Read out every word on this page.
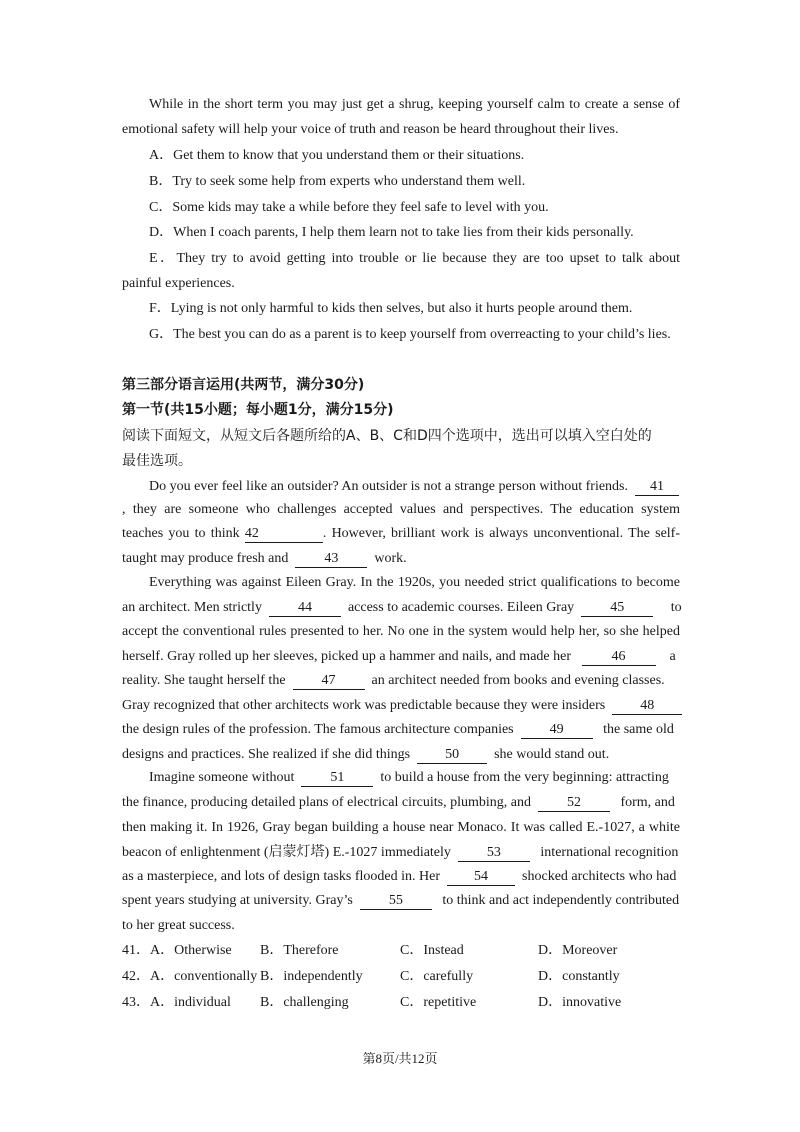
While in the short term you may just get a shrug, keeping yourself calm to create a sense of
emotional safety will help your voice of truth and reason be heard throughout their lives.
A．Get them to know that you understand them or their situations.
B．Try to seek some help from experts who understand them well.
C．Some kids may take a while before they feel safe to level with you.
D．When I coach parents, I help them learn not to take lies from their kids personally.
E．They try to avoid getting into trouble or lie because they are too upset to talk about
painful experiences.
F．Lying is not only harmful to kids then selves, but also it hurts people around them.
G．The best you can do as a parent is to keep yourself from overreacting to your child’s lies.
第三部分语言运用(共两节，满分30分)
第一节(共15小题；每小题1分，满分15分)
阅读下面短文，从短文后各题所给的A、B、C和D四个选项中，选出可以填入空白处的
最佳选项。
Do you ever feel like an outsider? An outsider is not a strange person without friends. 41
, they are someone who challenges accepted values and perspectives. The education system
teaches you to think 42	. However, brilliant work is always unconventional. The self-
taught may produce fresh and	43	work.
Everything was against Eileen Gray. In the 1920s, you needed strict qualifications to become
an architect. Men strictly	44	access to academic courses. Eileen Gray	45	to
accept the conventional rules presented to her. No one in the system would help her, so she helped
herself. Gray rolled up her sleeves, picked up a hammer and nails, and made her	46	a
reality. She taught herself the	47	an architect needed from books and evening classes.
Gray recognized that other architects work was predictable because they were insiders	48
the design rules of the profession. The famous architecture companies	49	the same old
designs and practices. She realized if she did things	50	she would stand out.
Imagine someone without	51	to build a house from the very beginning: attracting
the finance, producing detailed plans of electrical circuits, plumbing, and	52	form, and
then making it. In 1926, Gray began building a house near Monaco. It was called E.-1027, a white
beacon of enlightenment (启蒙灯塔) E.-1027 immediately	53	international recognition
as a masterpiece, and lots of design tasks flooded in. Her 54 shocked architects who had
spent years studying at university. Gray’s	55	to think and act independently contributed
to her great success.
41． A．Otherwise B．Therefore	C．Instead	D．Moreover
42． A．conventionally B．independently	C．carefully	D．constantly
43． A．individual B．challenging	C．repetitive	D．innovative
第8页/共12页
